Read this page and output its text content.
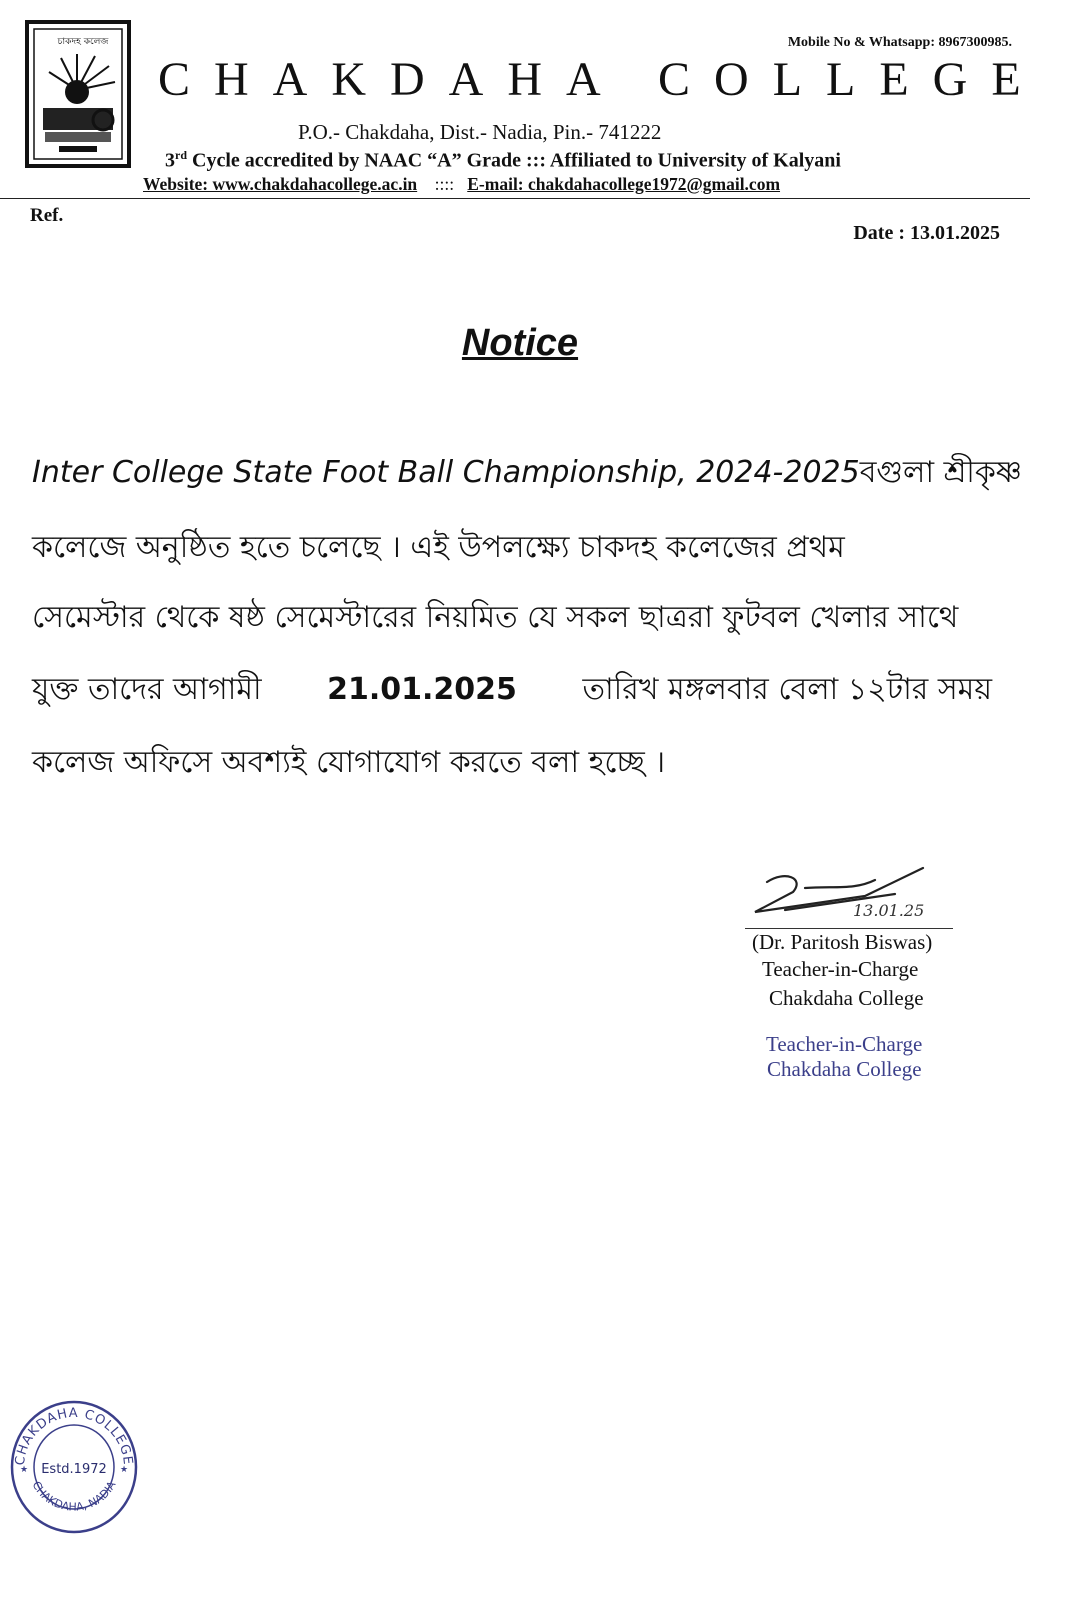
চাকদহ কলেজ	Mobile No & Whatsapp: 8967300985.
CHAKDAHA COLLEGE
P.O.- Chakdaha, Dist.- Nadia, Pin.- 741222
3rd Cycle accredited by NAAC “A” Grade ::: Affiliated to University of Kalyani
Website: www.chakdahacollege.ac.in :::: E-mail: chakdahacollege1972@gmail.com
Ref.
Date : 13.01.2025
Notice
Inter College State Foot Ball Championship, 2024-2025 বগুলা শ্রীকৃষ্ণ
কলেজে অনুষ্ঠিত হতে চলেছে । এই উপলক্ষ্যে চাকদহ কলেজের প্রথম
সেমেস্টার থেকে ষষ্ঠ সেমেস্টারের নিয়মিত যে সকল ছাত্ররা ফুটবল খেলার সাথে
যুক্ত তাদের আগামী 21.01.2025 তারিখ মঙ্গলবার বেলা ১২টার সময়
কলেজ অফিসে অবশ্যই যোগাযোগ করতে বলা হচ্ছে ।
13.01.25
(Dr. Paritosh Biswas)
Teacher-in-Charge
Chakdaha College
Teacher-in-Charge
Chakdaha College
CHAKDAHA COLLEGE
CHAKDAHA, NADIA
Estd.1972
★	★
